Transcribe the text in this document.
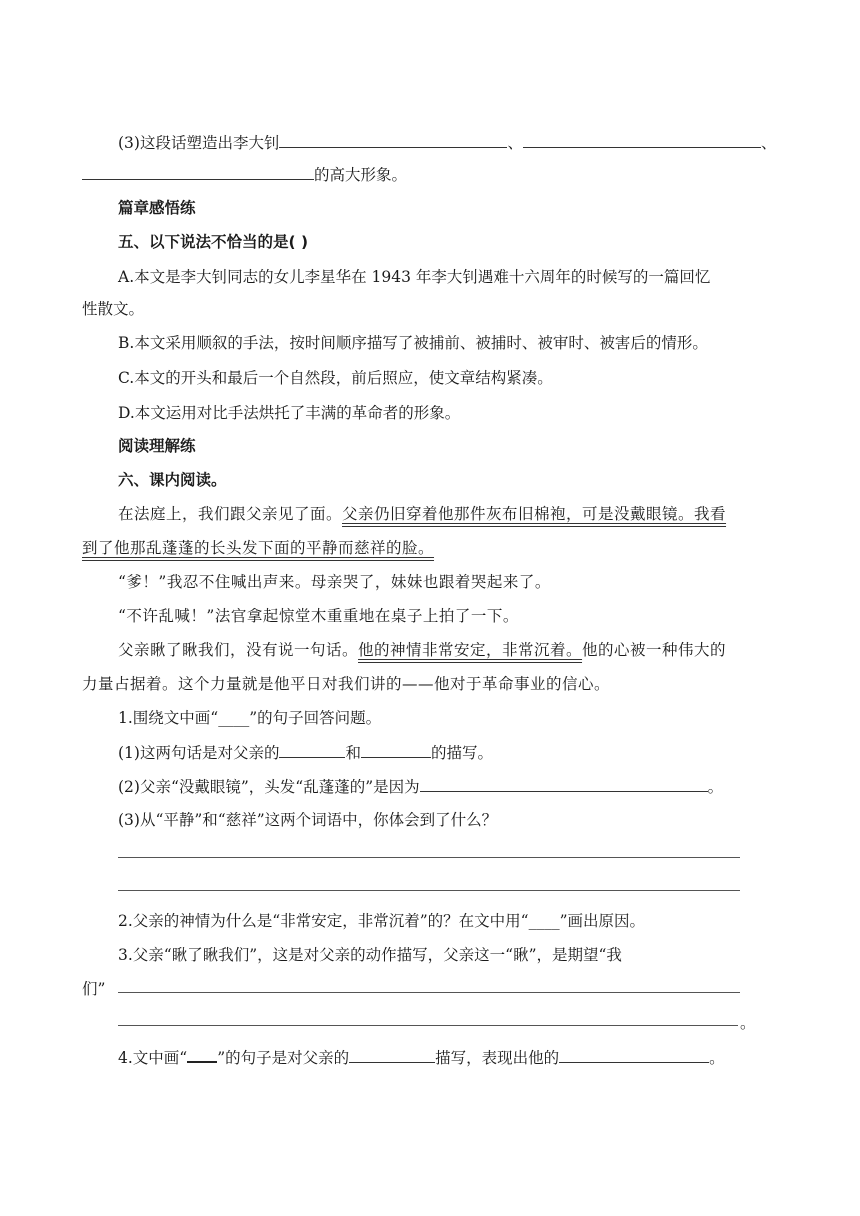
(3)这段话塑造出李大钊	、	、
的高大形象。
篇章感悟练
五、以下说法不恰当的是( )
A.本文是李大钊同志的女儿李星华在 1943 年李大钊遇难十六周年的时候写的一篇回忆
性散文。
B.本文采用顺叙的手法，按时间顺序描写了被捕前、被捕时、被审时、被害后的情形。
C.本文的开头和最后一个自然段，前后照应，使文章结构紧凑。
D.本文运用对比手法烘托了丰满的革命者的形象。
阅读理解练
六、课内阅读。
在法庭上，我们跟父亲见了面。父亲仍旧穿着他那件灰布旧棉袍，可是没戴眼镜。我看
到了他那乱蓬蓬的长头发下面的平静而慈祥的脸。
“爹！”我忍不住喊出声来。母亲哭了，妹妹也跟着哭起来了。
“不许乱喊！”法官拿起惊堂木重重地在桌子上拍了一下。
父亲瞅了瞅我们，没有说一句话。他的神情非常安定，非常沉着。他的心被一种伟大的
力量占据着。这个力量就是他平日对我们讲的——他对于革命事业的信心。
1.围绕文中画“____”的句子回答问题。
(1)这两句话是对父亲的	和	的描写。
(2)父亲“没戴眼镜”，头发“乱蓬蓬的”是因为	。
(3)从“平静”和“慈祥”这两个词语中，你体会到了什么？
2.父亲的神情为什么是“非常安定，非常沉着”的？在文中用“____”画出原因。
3.父亲“瞅了瞅我们”，这是对父亲的动作描写，父亲这一“瞅”，是期望“我
们”
。
4.文中画“ ”的句子是对父亲的	描写，表现出他的	。
